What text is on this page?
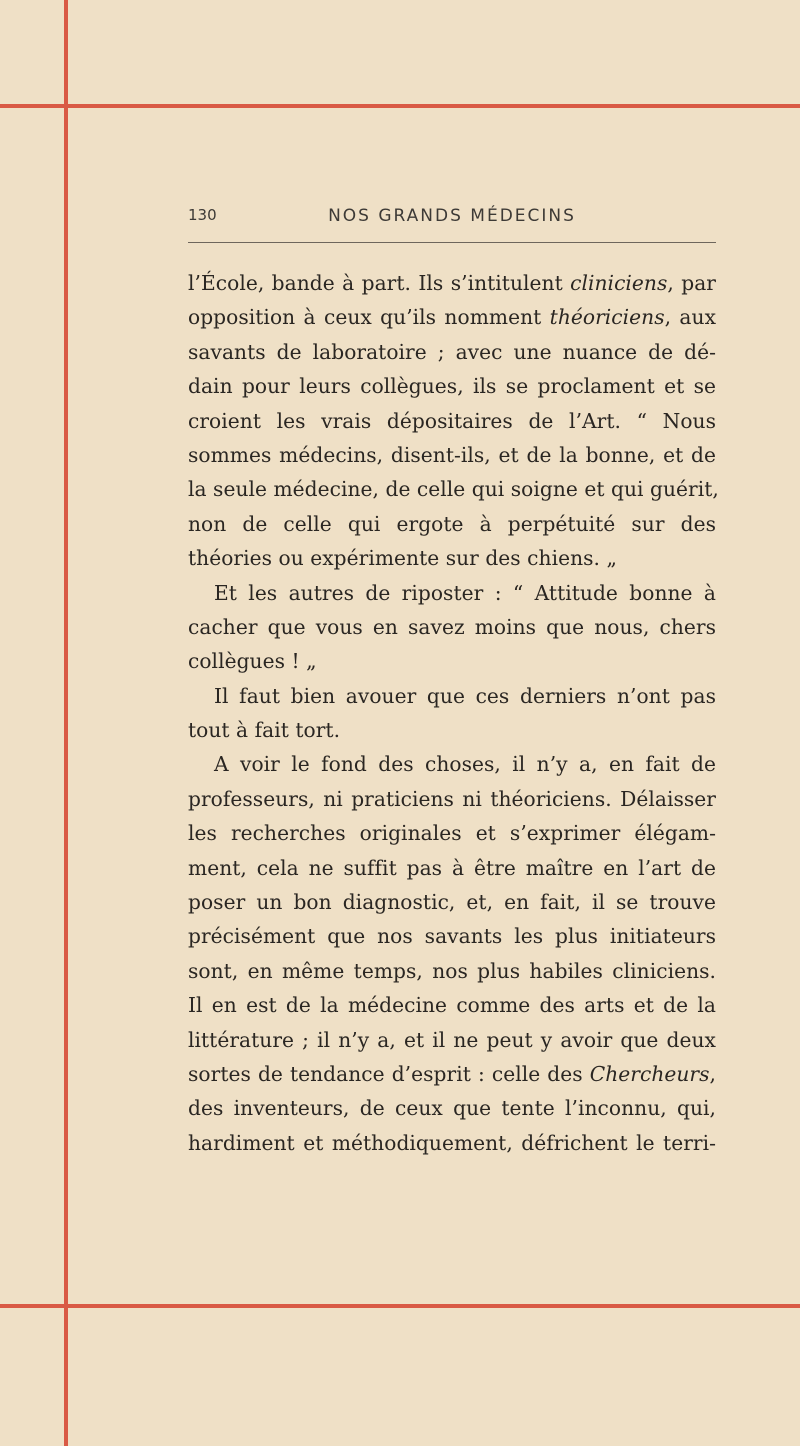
130	NOS GRANDS MÉDECINS
l’École, bande à part. Ils s’intitulent cliniciens, par
opposition à ceux qu’ils nomment théoriciens, aux
savants de laboratoire ; avec une nuance de dé-
dain pour leurs collègues, ils se proclament et se
croient les vrais dépositaires de l’Art. “ Nous
sommes médecins, disent-ils, et de la bonne, et de
la seule médecine, de celle qui soigne et qui guérit,
non de celle qui ergote à perpétuité sur des
théories ou expérimente sur des chiens. „
Et les autres de riposter : “ Attitude bonne à
cacher que vous en savez moins que nous, chers
collègues ! „
Il faut bien avouer que ces derniers n’ont pas
tout à fait tort.
A voir le fond des choses, il n’y a, en fait de
professeurs, ni praticiens ni théoriciens. Délaisser
les recherches originales et s’exprimer élégam-
ment, cela ne suffit pas à être maître en l’art de
poser un bon diagnostic, et, en fait, il se trouve
précisément que nos savants les plus initiateurs
sont, en même temps, nos plus habiles cliniciens.
Il en est de la médecine comme des arts et de la
littérature ; il n’y a, et il ne peut y avoir que deux
sortes de tendance d’esprit : celle des Chercheurs,
des inventeurs, de ceux que tente l’inconnu, qui,
hardiment et méthodiquement, défrichent le terri-
